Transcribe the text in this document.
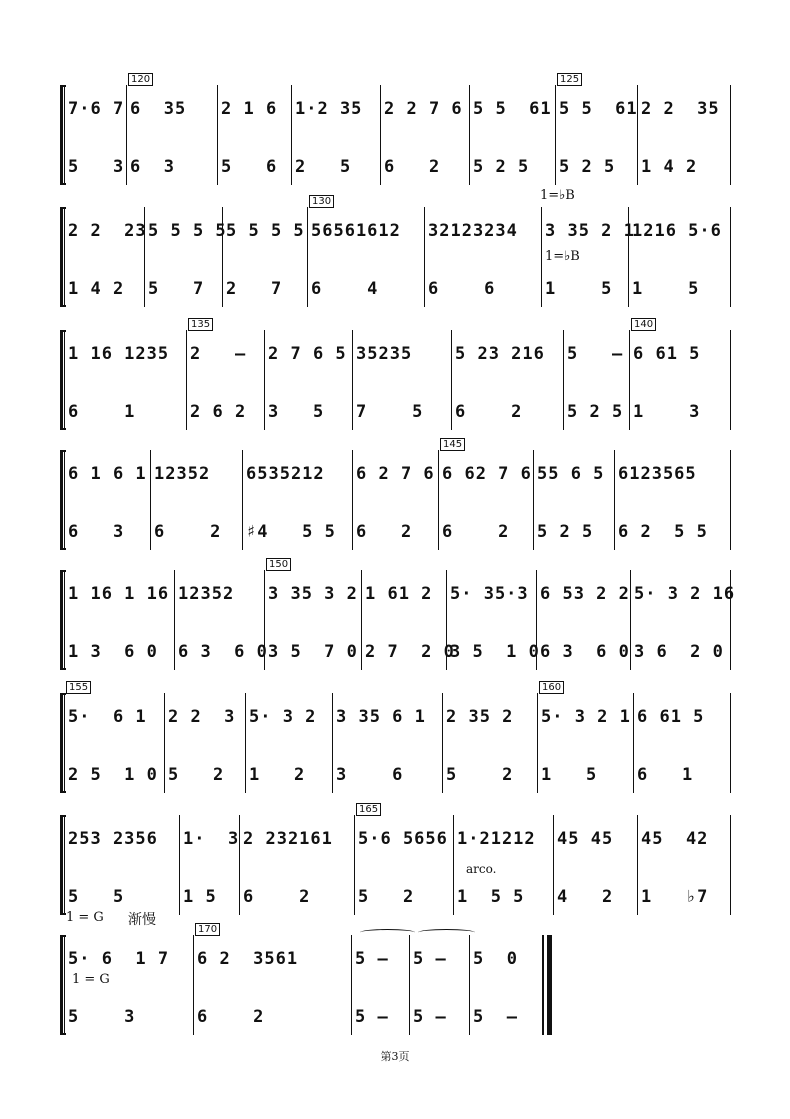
7·6 7
5   3
6  35
6  3
120
2 1 6
5   6
1·2 35
2   5
2 2 7 6
6   2
5 5  61
5 2 5
5 5  61
5 2 5
125
2 2  35
1 4 2
1=♭B
2 2  23
1 4 2
5 5 5 5
5   7
5 5 5 5
2   7
56561612
6    4
130
32123234
6    6
3 35 2 1
1    5
1216 5·6
1    5
1=♭B
1 16 1235
6    1
2   –
2 6 2
135
2 7 6 5
3   5
35235
7    5
5 23 216
6    2
5   –
5 2 5
6 61 5
1    3
140
6 1 6 1
6   3
12352
6    2
6535212
♯4   5 5
6 2 7 6
6   2
6 62 7 6
6    2
145
55 6 5
5 2 5
6123565
6 2  5 5
1 16 1 16
1 3  6 0
12352
6 3  6 0
3 35 3 2
3 5  7 0
150
1 61 2
2 7  2 0
5· 35·3
3 5  1 0
6 53 2 2
6 3  6 0
5· 3 2 16
3 6  2 0
5·  6 1
2 5  1 0
155
2 2  3
5   2
5· 3 2
1   2
3 35 6 1
3    6
2 35 2
5    2
5· 3 2 1
1   5
160
6 61 5
6   1
253 2356
5   5
1·  3
1 5
2 232161
6    2
5·6 5656
5   2
165
1·21212
1  5 5
45 45
4   2
45  42
1   ♭7
arco.
5· 6  1 7
5    3
6 2  3561
6    2
170
5 –
5 –
5 –
5 –
5  0
5  –
1 = G 渐慢
1 = G
第3页
